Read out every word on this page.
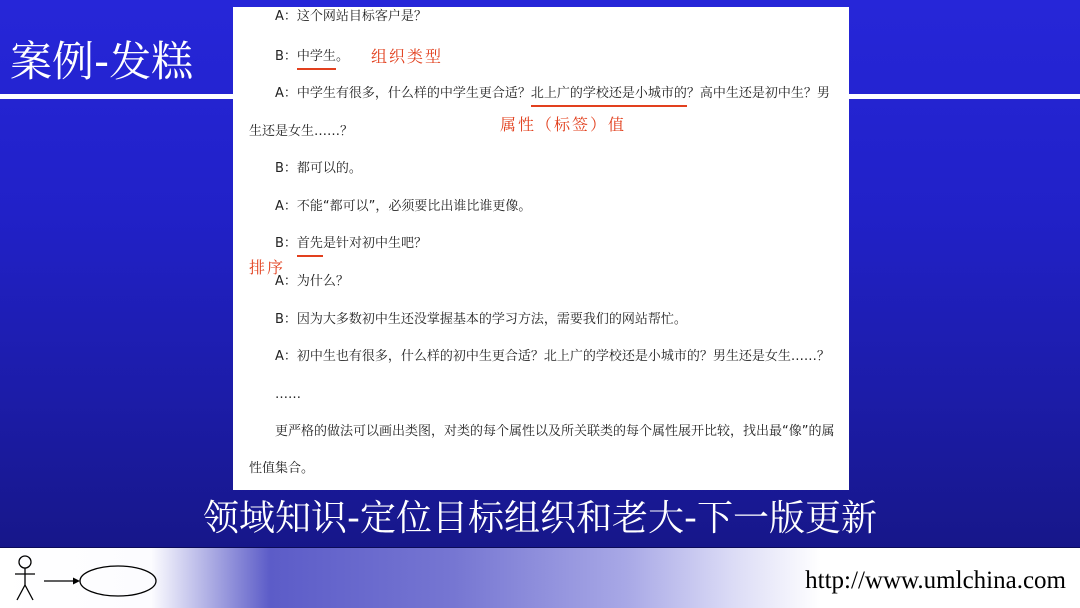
案例-发糕
A：这个网站目标客户是？
B：中学生。
A：中学生有很多，什么样的中学生更合适？北上广的学校还是小城市的？高中生还是初中生？男
生还是女生……？
B：都可以的。
A：不能“都可以”，必须要比出谁比谁更像。
B：首先是针对初中生吧？
A：为什么？
B：因为大多数初中生还没掌握基本的学习方法，需要我们的网站帮忙。
A：初中生也有很多，什么样的初中生更合适？北上广的学校还是小城市的？男生还是女生……？
……
更严格的做法可以画出类图，对类的每个属性以及所关联类的每个属性展开比较，找出最“像”的属
性值集合。
组织类型
属性（标签）值
排序
领域知识-定位目标组织和老大-下一版更新
http://www.umlchina.com
